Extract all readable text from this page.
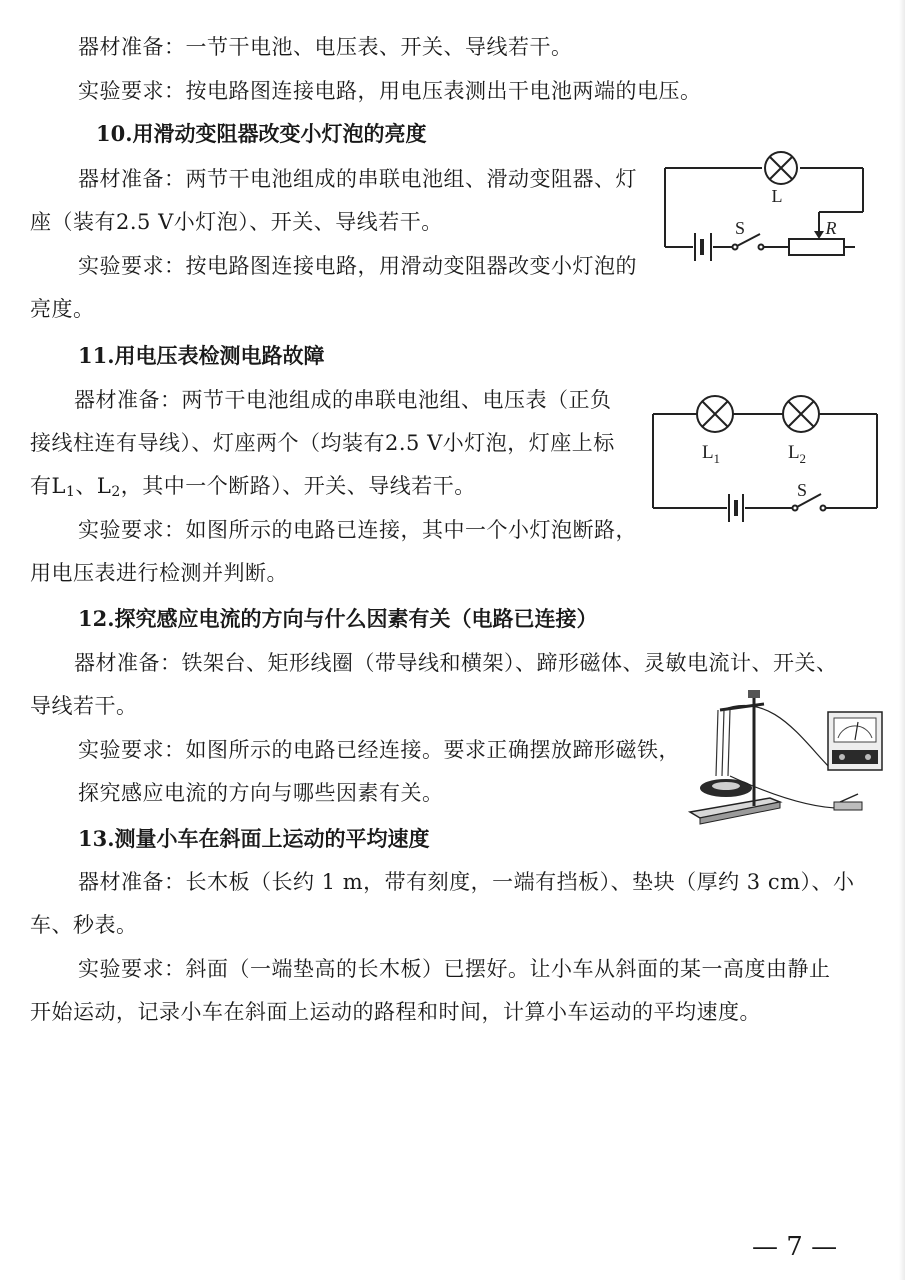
器材准备：一节干电池、电压表、开关、导线若干。
实验要求：按电路图连接电路，用电压表测出干电池两端的电压。
10.用滑动变阻器改变小灯泡的亮度
器材准备：两节干电池组成的串联电池组、滑动变阻器、灯
座（装有2.5 V小灯泡）、开关、导线若干。
实验要求：按电路图连接电路，用滑动变阻器改变小灯泡的
亮度。
L
S	R
11.用电压表检测电路故障
器材准备：两节干电池组成的串联电池组、电压表（正负
接线柱连有导线）、灯座两个（均装有2.5 V小灯泡，灯座上标
有$L_1$、$L_2$，其中一个断路）、开关、导线若干。
实验要求：如图所示的电路已连接，其中一个小灯泡断路，
用电压表进行检测并判断。
$L_1$	$L_2$
S
12.探究感应电流的方向与什么因素有关（电路已连接）
器材准备：铁架台、矩形线圈（带导线和横架）、蹄形磁体、灵敏电流计、开关、
导线若干。
实验要求：如图所示的电路已经连接。要求正确摆放蹄形磁铁，
探究感应电流的方向与哪些因素有关。
13.测量小车在斜面上运动的平均速度
器材准备：长木板（长约 1 m，带有刻度，一端有挡板）、垫块（厚约 3 cm）、小
车、秒表。
实验要求：斜面（一端垫高的长木板）已摆好。让小车从斜面的某一高度由静止
开始运动，记录小车在斜面上运动的路程和时间，计算小车运动的平均速度。
— 7 —
